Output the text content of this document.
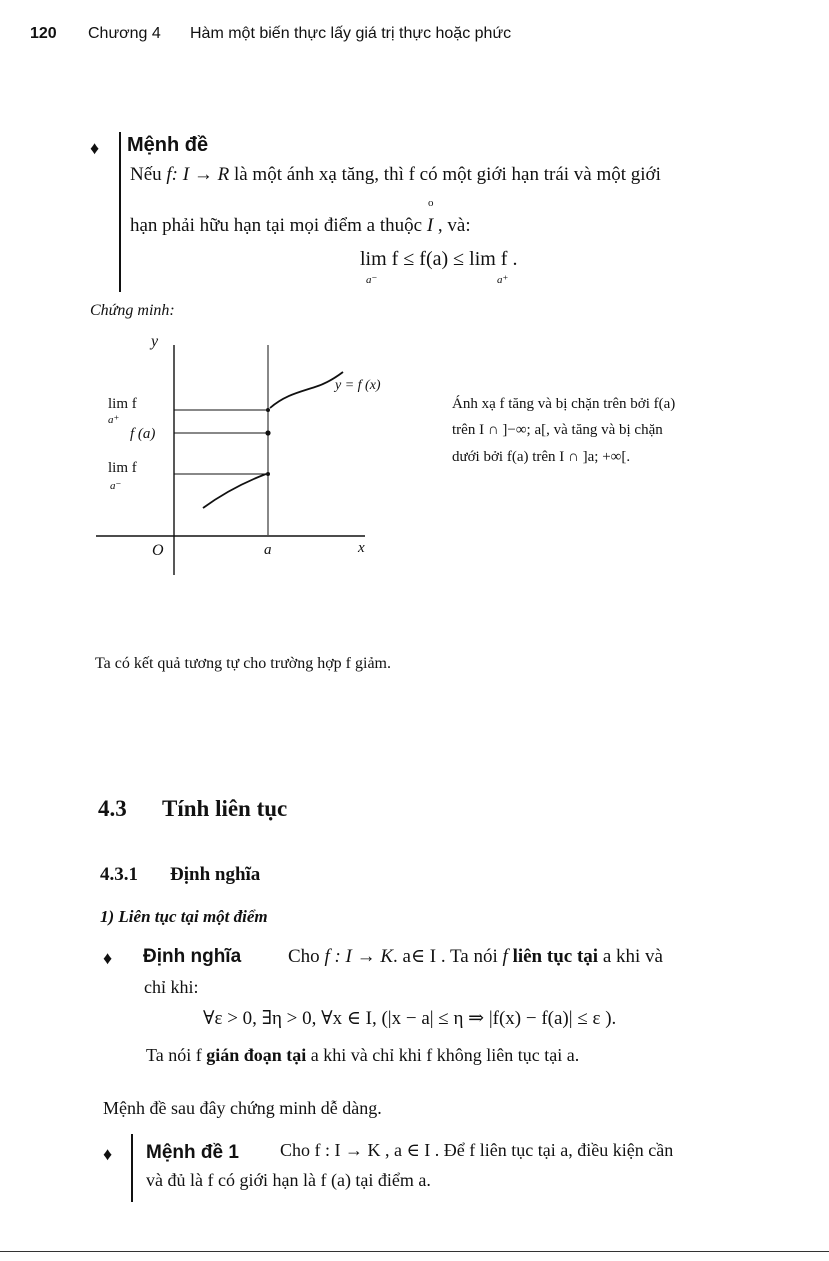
120 Chương 4 Hàm một biến thực lấy giá trị thực hoặc phức
♦ Mệnh đề
Nếu f: I → R là một ánh xạ tăng, thì f có một giới hạn trái và một giới
o
hạn phải hữu hạn tại mọi điểm a thuộc I , và:
lim f ≤ f(a) ≤ lim f .
a⁻	a⁺
Chứng minh:
y
y = f (x)
lim f
a⁺
f (a)
lim f
a⁻
O	a	x
Ánh xạ f tăng và bị chặn trên bởi f(a)
trên I ∩ ]−∞; a[, và tăng và bị chặn
dưới bởi f(a) trên I ∩ ]a; +∞[.
Ta có kết quả tương tự cho trường hợp f giảm.
4.3 Tính liên tục
4.3.1 Định nghĩa
1) Liên tục tại một điểm
♦ Định nghĩa Cho f : I → K. a∈ I . Ta nói f liên tục tại a khi và
chỉ khi:
∀ε > 0, ∃η > 0, ∀x ∈ I, (|x − a| ≤ η ⇒ |f(x) − f(a)| ≤ ε ).
Ta nói f gián đoạn tại a khi và chỉ khi f không liên tục tại a.
Mệnh đề sau đây chứng minh dễ dàng.
♦ Mệnh đề 1 Cho f : I → K , a ∈ I . Để f liên tục tại a, điều kiện cần
và đủ là f có giới hạn là f (a) tại điểm a.
